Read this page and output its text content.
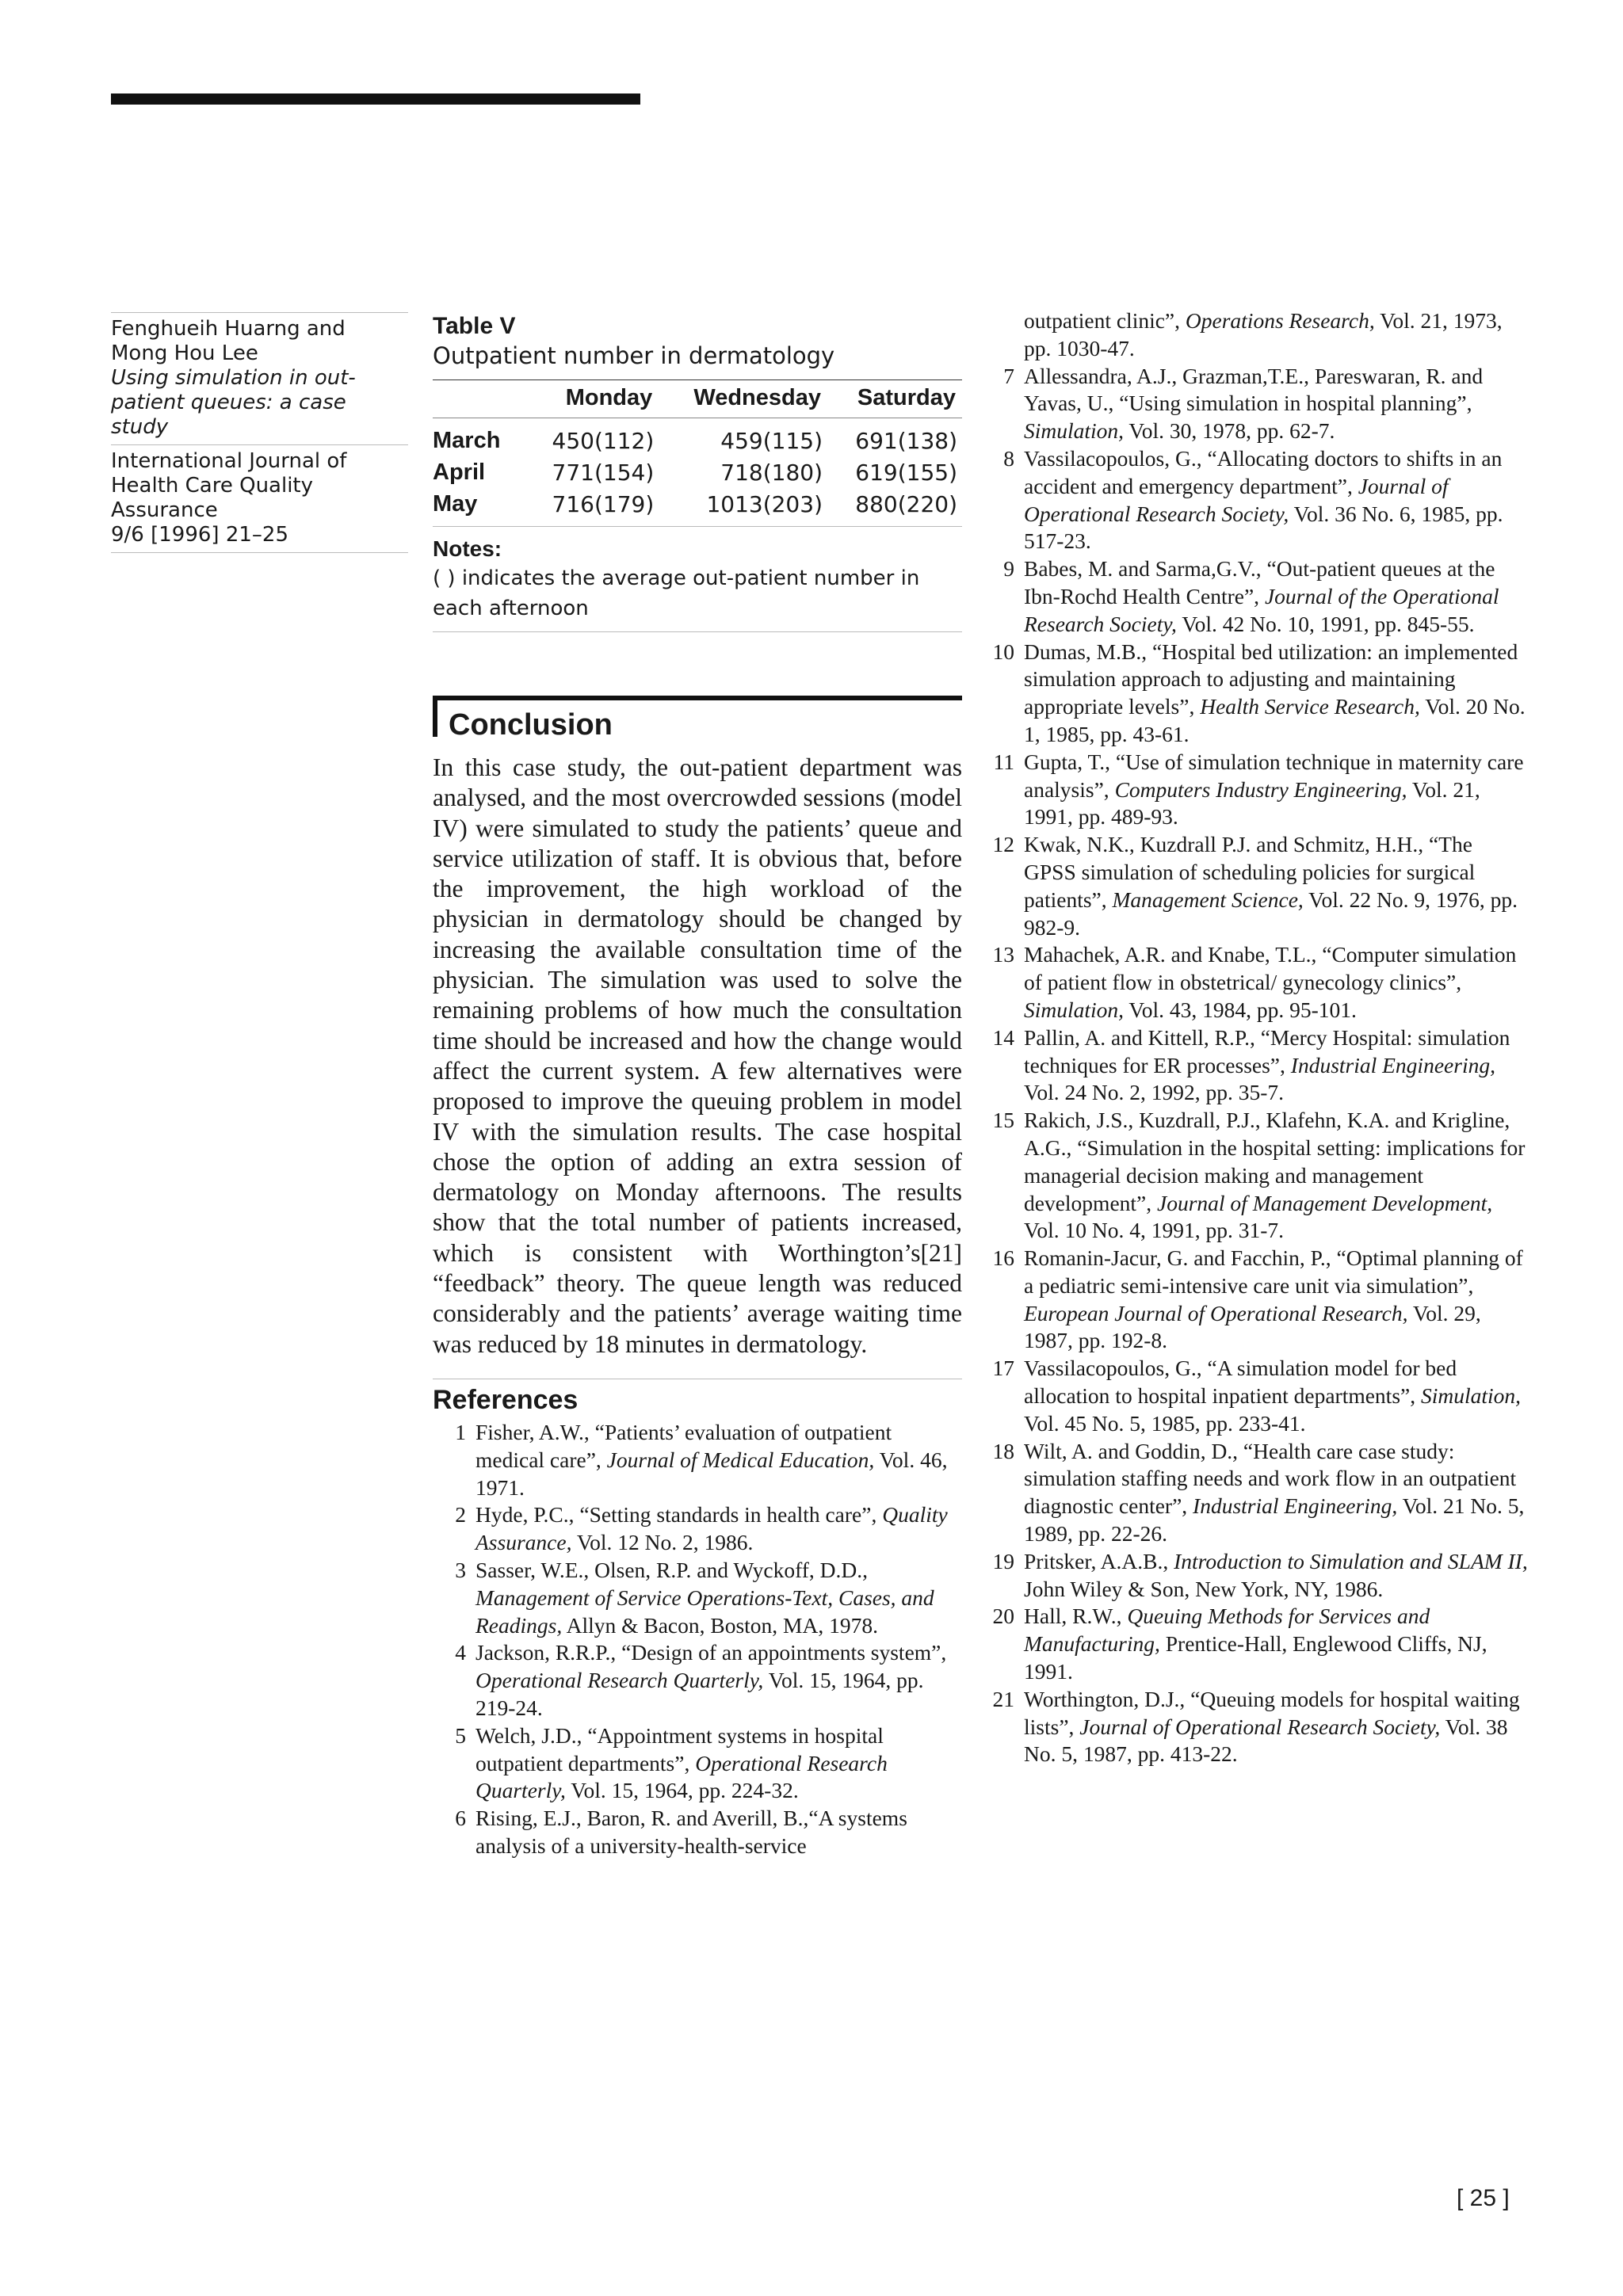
Fenghueih Huarng and
Mong Hou Lee
Using simulation in out-
patient queues: a case study
International Journal of
Health Care Quality
Assurance
9/6 [1996] 21–25
Table V
Outpatient number in dermatology
	Monday	Wednesday	Saturday
March	450(112)	459(115)	691(138)
April	771(154)	718(180)	619(155)
May	716(179)	1013(203)	880(220)
Notes:
( ) indicates the average out-patient number in each afternoon
Conclusion

In this case study, the out-patient department was analysed, and the most overcrowded sessions (model IV) were simulated to study the patients’ queue and service utilization of staff. It is obvious that, before the improvement, the high workload of the physician in dermatology should be changed by increasing the available consultation time of the physician. The simulation was used to solve the remaining problems of how much the consultation time should be increased and how the change would affect the current system. A few alternatives were proposed to improve the queuing problem in model IV with the simulation results. The case hospital chose the option of adding an extra session of dermatology on Monday afternoons. The results show that the total number of patients increased, which is consistent with Worthington’s[21] “feedback” theory. The queue length was reduced considerably and the patients’ average waiting time was reduced by 18 minutes in dermatology.

References
1 Fisher, A.W., “Patients’ evaluation of outpatient medical care”, Journal of Medical Education, Vol. 46, 1971.
2 Hyde, P.C., “Setting standards in health care”, Quality Assurance, Vol. 12 No. 2, 1986.
3 Sasser, W.E., Olsen, R.P. and Wyckoff, D.D., Management of Service Operations-Text, Cases, and Readings, Allyn & Bacon, Boston, MA, 1978.
4 Jackson, R.R.P., “Design of an appointments system”, Operational Research Quarterly, Vol. 15, 1964, pp. 219-24.
5 Welch, J.D., “Appointment systems in hospital outpatient departments”, Operational Research Quarterly, Vol. 15, 1964, pp. 224-32.
6 Rising, E.J., Baron, R. and Averill, B.,“A systems analysis of a university-health-service
outpatient clinic”, Operations Research, Vol. 21, 1973, pp. 1030-47.
7 Allessandra, A.J., Grazman,T.E., Pareswaran, R. and Yavas, U., “Using simulation in hospital planning”, Simulation, Vol. 30, 1978, pp. 62-7.
8 Vassilacopoulos, G., “Allocating doctors to shifts in an accident and emergency department”, Journal of Operational Research Society, Vol. 36 No. 6, 1985, pp. 517-23.
9 Babes, M. and Sarma,G.V., “Out-patient queues at the Ibn-Rochd Health Centre”, Journal of the Operational Research Society, Vol. 42 No. 10, 1991, pp. 845-55.
10 Dumas, M.B., “Hospital bed utilization: an implemented simulation approach to adjusting and maintaining appropriate levels”, Health Service Research, Vol. 20 No. 1, 1985, pp. 43-61.
11 Gupta, T., “Use of simulation technique in maternity care analysis”, Computers Industry Engineering, Vol. 21, 1991, pp. 489-93.
12 Kwak, N.K., Kuzdrall P.J. and Schmitz, H.H., “The GPSS simulation of scheduling policies for surgical patients”, Management Science, Vol. 22 No. 9, 1976, pp. 982-9.
13 Mahachek, A.R. and Knabe, T.L., “Computer simulation of patient flow in obstetrical/ gynecology clinics”, Simulation, Vol. 43, 1984, pp. 95-101.
14 Pallin, A. and Kittell, R.P., “Mercy Hospital: simulation techniques for ER processes”, Industrial Engineering, Vol. 24 No. 2, 1992, pp. 35-7.
15 Rakich, J.S., Kuzdrall, P.J., Klafehn, K.A. and Krigline, A.G., “Simulation in the hospital setting: implications for managerial decision making and management development”, Journal of Management Development, Vol. 10 No. 4, 1991, pp. 31-7.
16 Romanin-Jacur, G. and Facchin, P., “Optimal planning of a pediatric semi-intensive care unit via simulation”, European Journal of Operational Research, Vol. 29, 1987, pp. 192-8.
17 Vassilacopoulos, G., “A simulation model for bed allocation to hospital inpatient departments”, Simulation, Vol. 45 No. 5, 1985, pp. 233-41.
18 Wilt, A. and Goddin, D., “Health care case study: simulation staffing needs and work flow in an outpatient diagnostic center”, Industrial Engineering, Vol. 21 No. 5, 1989, pp. 22-26.
19 Pritsker, A.A.B., Introduction to Simulation and SLAM II, John Wiley & Son, New York, NY, 1986.
20 Hall, R.W., Queuing Methods for Services and Manufacturing, Prentice-Hall, Englewood Cliffs, NJ, 1991.
21 Worthington, D.J., “Queuing models for hospital waiting lists”, Journal of Operational Research Society, Vol. 38 No. 5, 1987, pp. 413-22.
[ 25 ]
